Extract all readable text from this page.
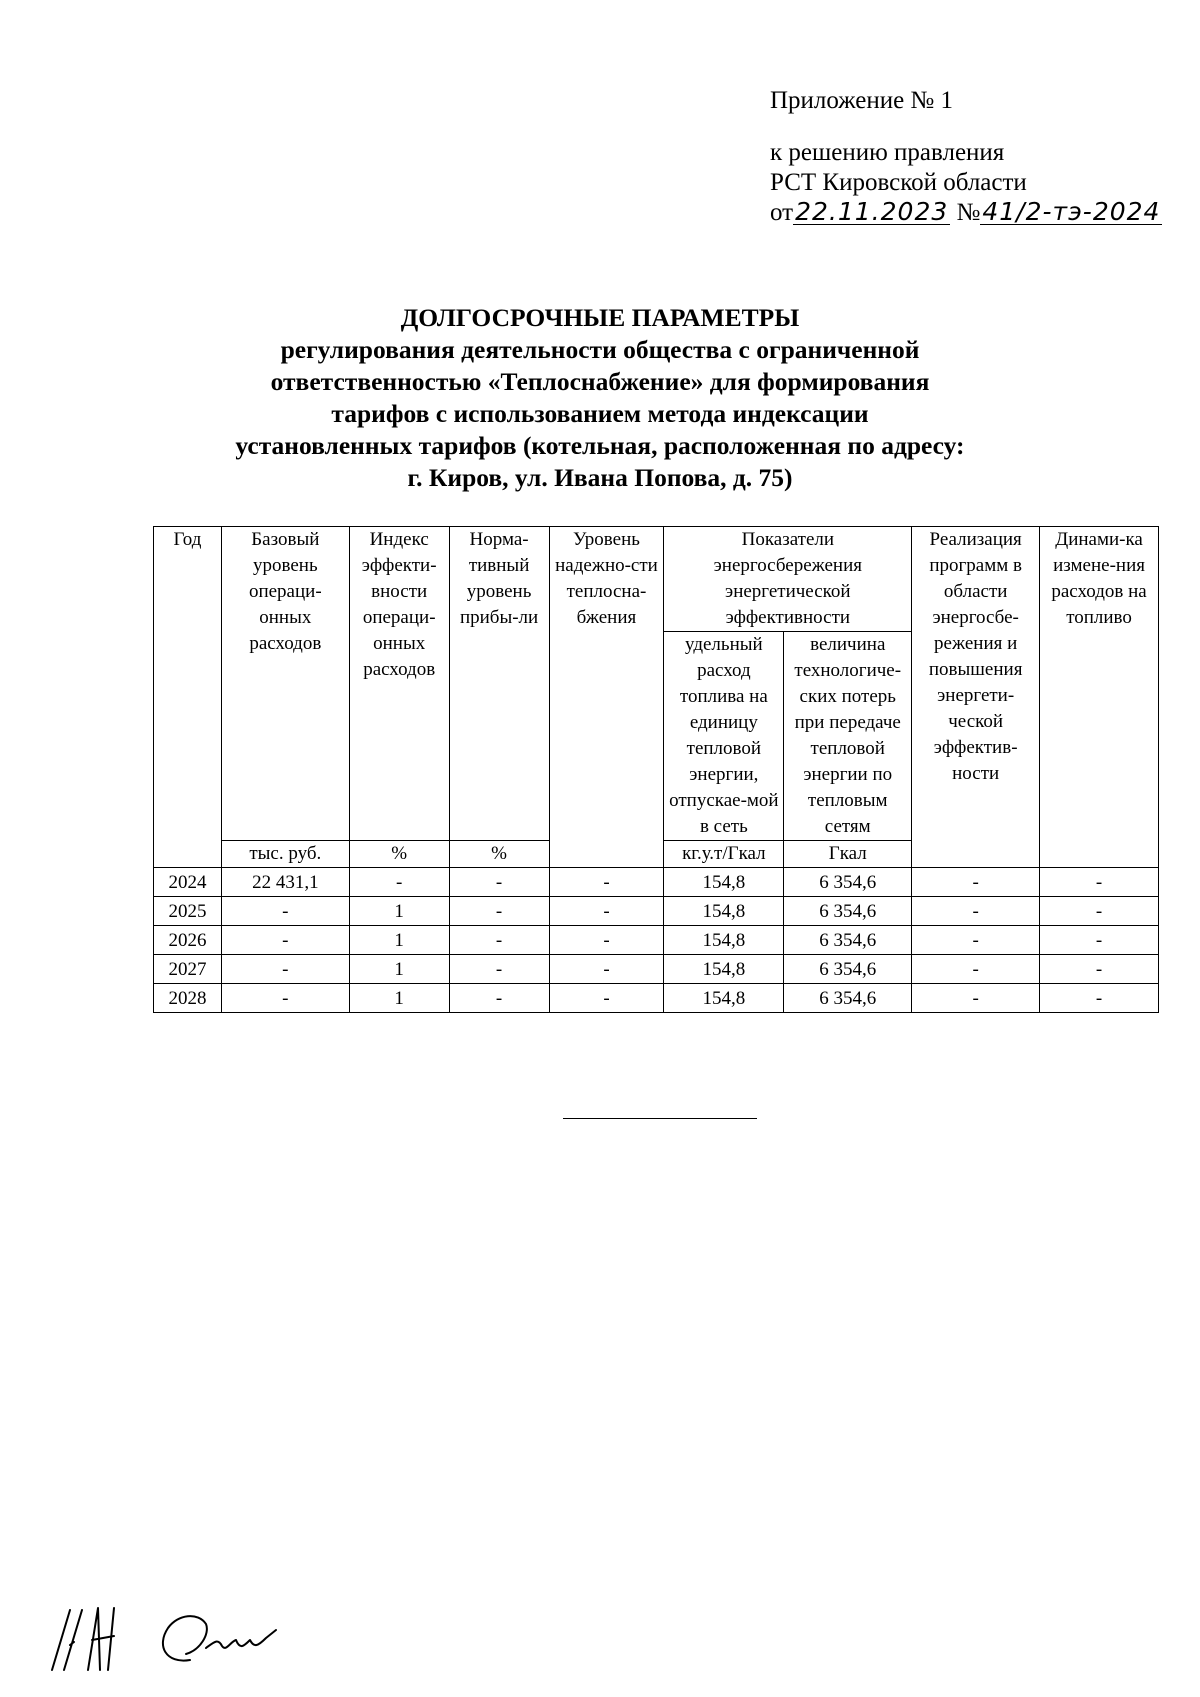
Приложение № 1
к решению правления
РСТ Кировской области
от22.11.2023 №41/2-тэ-2024
ДОЛГОСРОЧНЫЕ ПАРАМЕТРЫ
регулирования деятельности общества с ограниченной
ответственностью «Теплоснабжение» для формирования
тарифов с использованием метода индексации
установленных тарифов (котельная, расположенная по адресу:
г. Киров, ул. Ивана Попова, д. 75)
Год	Базовый уровень операци-онных расходов	Индекс эффекти-вности операци-онных расходов	Норма-тивный уровень прибы-ли	Уровень надежно-сти теплосна-бжения	Показатели энергосбережения энергетической эффективности		Реализация программ в области энергосбе-режения и повышения энергети-ческой эффектив-ности	Динами-ка измене-ния расходов на топливо
					удельный расход топлива на единицу тепловой энергии, отпускае-мой в сеть	величина технологиче-ских потерь при передаче тепловой энергии по тепловым сетям		
	тыс. руб.	%	%		кг.у.т/Гкал	Гкал		
2024	22 431,1	-	-	-	154,8	6 354,6	-	-
2025	-	1	-	-	154,8	6 354,6	-	-
2026	-	1	-	-	154,8	6 354,6	-	-
2027	-	1	-	-	154,8	6 354,6	-	-
2028	-	1	-	-	154,8	6 354,6	-	-
